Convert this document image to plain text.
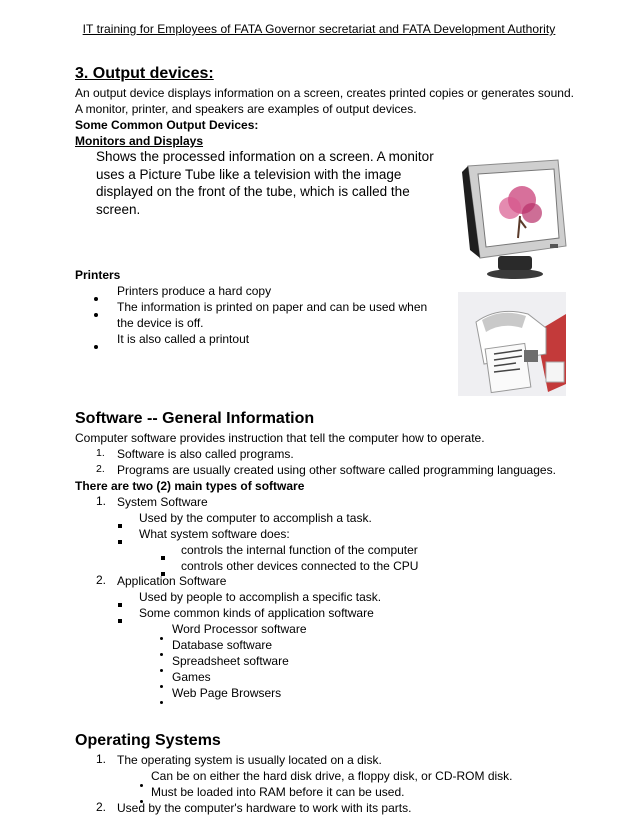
IT training for Employees of FATA Governor secretariat and FATA Development Authority
3. Output devices:
An output device displays information on a screen, creates printed copies or generates sound.
A monitor, printer, and speakers are examples of output devices.
Some Common Output Devices:
Monitors and Displays
Shows the processed information on a screen. A monitor uses a Picture Tube like a television with the image displayed on the front of the tube, which is called the screen.
Printers
Printers produce a hard copy
The information is printed on paper and can be used when
the device is off.
It is also called a printout
Software -- General Information
Computer software provides instruction that tell the computer how to operate.
1. Software is also called programs.
2. Programs are usually created using other software called programming languages.
There are two (2) main types of software
1. System Software
Used by the computer to accomplish a task.
What system software does:
controls the internal function of the computer
controls other devices connected to the CPU
2. Application Software
Used by people to accomplish a specific task.
Some common kinds of application software
Word Processor software
Database software
Spreadsheet software
Games
Web Page Browsers
Operating Systems
1. The operating system is usually located on a disk.
Can be on either the hard disk drive, a floppy disk, or CD-ROM disk.
Must be loaded into RAM before it can be used.
2. Used by the computer's hardware to work with its parts.
